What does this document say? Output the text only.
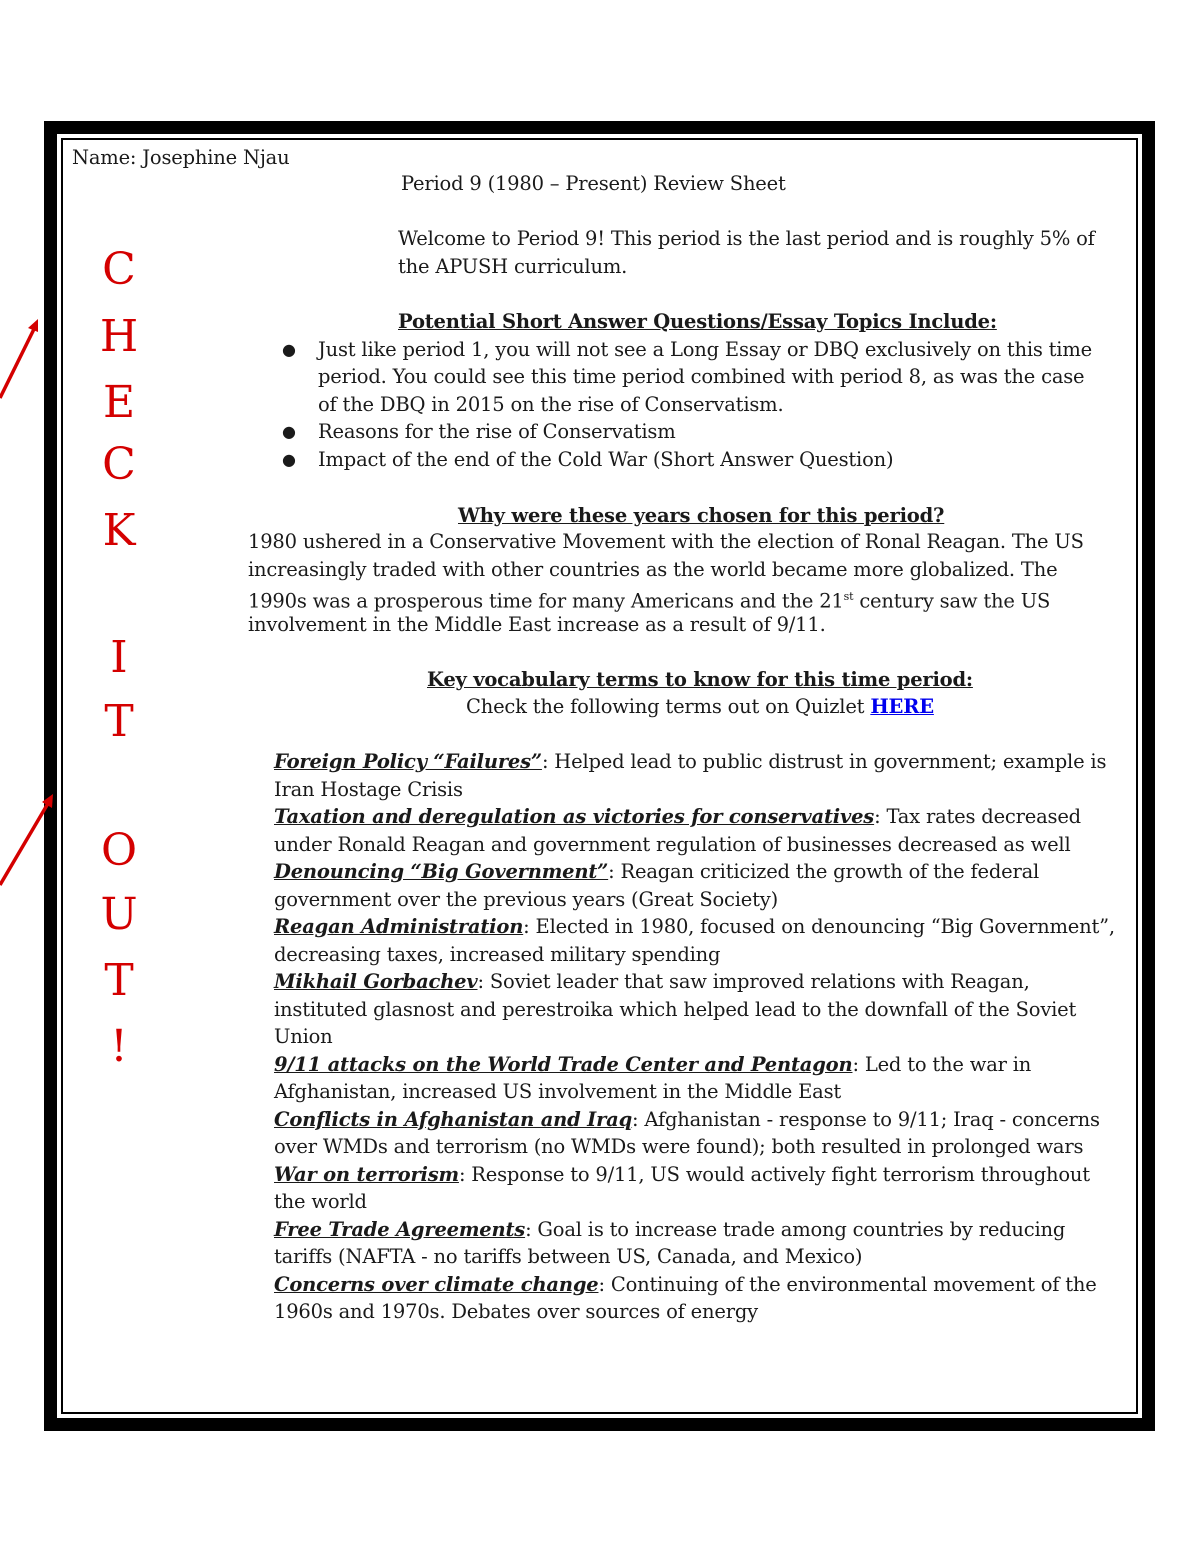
C
H
E
C
K
I
T
O
U
T
!
Name: Josephine Njau
Period 9 (1980 – Present) Review Sheet
Welcome to Period 9! This period is the last period and is roughly 5% of
the APUSH curriculum.
Potential Short Answer Questions/Essay Topics Include:
● Just like period 1, you will not see a Long Essay or DBQ exclusively on this time
period. You could see this time period combined with period 8, as was the case
of the DBQ in 2015 on the rise of Conservatism.
● Reasons for the rise of Conservatism
● Impact of the end of the Cold War (Short Answer Question)
Why were these years chosen for this period?
1980 ushered in a Conservative Movement with the election of Ronal Reagan. The US
increasingly traded with other countries as the world became more globalized. The
1990s was a prosperous time for many Americans and the 21st century saw the US
involvement in the Middle East increase as a result of 9/11.
Key vocabulary terms to know for this time period:
Check the following terms out on Quizlet HERE
Foreign Policy “Failures”: Helped lead to public distrust in government; example is
Iran Hostage Crisis
Taxation and deregulation as victories for conservatives: Tax rates decreased
under Ronald Reagan and government regulation of businesses decreased as well
Denouncing “Big Government”: Reagan criticized the growth of the federal
government over the previous years (Great Society)
Reagan Administration: Elected in 1980, focused on denouncing “Big Government”,
decreasing taxes, increased military spending
Mikhail Gorbachev: Soviet leader that saw improved relations with Reagan,
instituted glasnost and perestroika which helped lead to the downfall of the Soviet
Union
9/11 attacks on the World Trade Center and Pentagon: Led to the war in
Afghanistan, increased US involvement in the Middle East
Conflicts in Afghanistan and Iraq: Afghanistan - response to 9/11; Iraq - concerns
over WMDs and terrorism (no WMDs were found); both resulted in prolonged wars
War on terrorism: Response to 9/11, US would actively fight terrorism throughout
the world
Free Trade Agreements: Goal is to increase trade among countries by reducing
tariffs (NAFTA - no tariffs between US, Canada, and Mexico)
Concerns over climate change: Continuing of the environmental movement of the
1960s and 1970s. Debates over sources of energy
